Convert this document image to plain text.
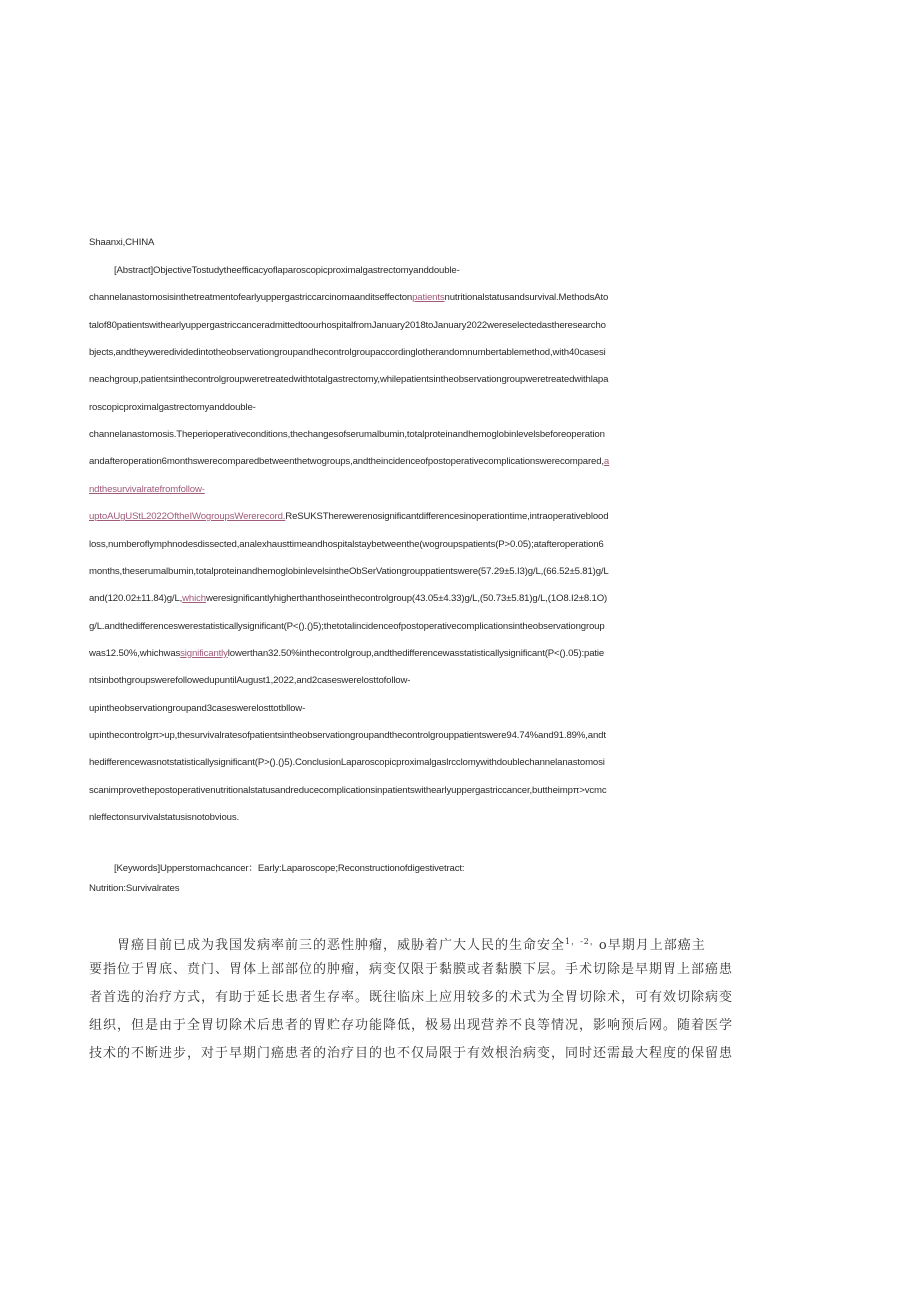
Shaanxi,CHINA
[Abstract]ObjectiveTostudytheefficacyoflaparoscopicproximalgastrectomyanddouble-
channelanastomosisinthetreatmentofearlyuppergastriccarcinomaanditseffectonpatientsnutritionalstatusandsurvival.MethodsAto
talof80patientswithearlyuppergastriccanceradmittedtoourhospitalfromJanuary2018toJanuary2022wereselectedastheresearcho
bjects,andtheyweredividedintotheobservationgroupandhecontrolgroupaccordinglotherandomnumbertablemethod,with40casesi
neachgroup,patientsinthecontrolgroupweretreatedwithtotalgastrectomy,whilepatientsintheobservationgroupweretreatedwithlapa
roscopicproximalgastrectomyanddouble-
channelanastomosis.Theperioperativeconditions,thechangesofserumalbumin,totalproteinandhemoglobinlevelsbeforeoperation
andafteroperation6monthswerecomparedbetweenthetwogroups,andtheincidenceofpostoperativecomplicationswerecompared,a
ndthesurvivalratefromfollow-
uptoAUgUStL2022OftheIWogroupsWererecord.ReSUKSTherewerenosignificantdifferencesinoperationtime,intraoperativeblood
loss,numberoflymphnodesdissected,analexhausttimeandhospitalstaybetweenthe(wogroupspatients(P>0.05);atafteroperation6
months,theserumalbumin,totalproteinandhemoglobinlevelsintheObSerVationgrouppatientswere(57.29±5.I3)g/L,(66.52±5.81)g/L
and(120.02±11.84)g/L,whichweresignificantlyhigherthanthoseinthecontrolgroup(43.05±4.33)g/L,(50.73±5.81)g/L,(1O8.I2±8.1O)
g/L.andthedifferenceswerestatisticallysignificant(P<().()5);thetotalincidenceofpostoperativecomplicationsintheobservationgroup
was12.50%,whichwassignificantlylowerthan32.50%inthecontrolgroup,andthedifferencewasstatisticallysignificant(P<().05):patie
ntsinbothgroupswerefollowedupuntilAugust1,2022,and2caseswerelosttofollow-
upintheobservationgroupand3caseswerelosttotbllow-
upinthecontrolgπ>up,thesurvivalratesofpatientsintheobservationgroupandthecontrolgrouppatientswere94.74%and91.89%,andt
hedifferencewasnotstatisticallysignificant(P>().()5).ConclusionLaparoscopicproximalgaslrcclomywithdoublechannelanastomosi
scanimprovethepostoperativenutritionalstatusandreducecomplicationsinpatientswithearlyuppergastriccancer,buttheimpπ>vcmc
nleffectonsurvivalstatusisnotobvious.
[Keywords]Upperstomachcancer：Early:Laparoscope;Reconstructionofdigestivetract:
Nutrition:Survivalrates
胃癌目前已成为我国发病率前三的恶性肿瘤，威胁着广大人民的生命安全$^{1,-2,}$o早期月上部癌主
要指位于胃底、贲门、胃体上部部位的肿瘤，病变仅限于黏膜或者黏膜下层。手术切除是早期胃上部癌患
者首选的治疗方式，有助于延长患者生存率。既往临床上应用较多的术式为全胃切除术，可有效切除病变
组织，但是由于全胃切除术后患者的胃贮存功能降低，极易出现营养不良等情况，影响预后网。随着医学
技术的不断进步，对于早期门癌患者的治疗目的也不仅局限于有效根治病变，同时还需最大程度的保留患
